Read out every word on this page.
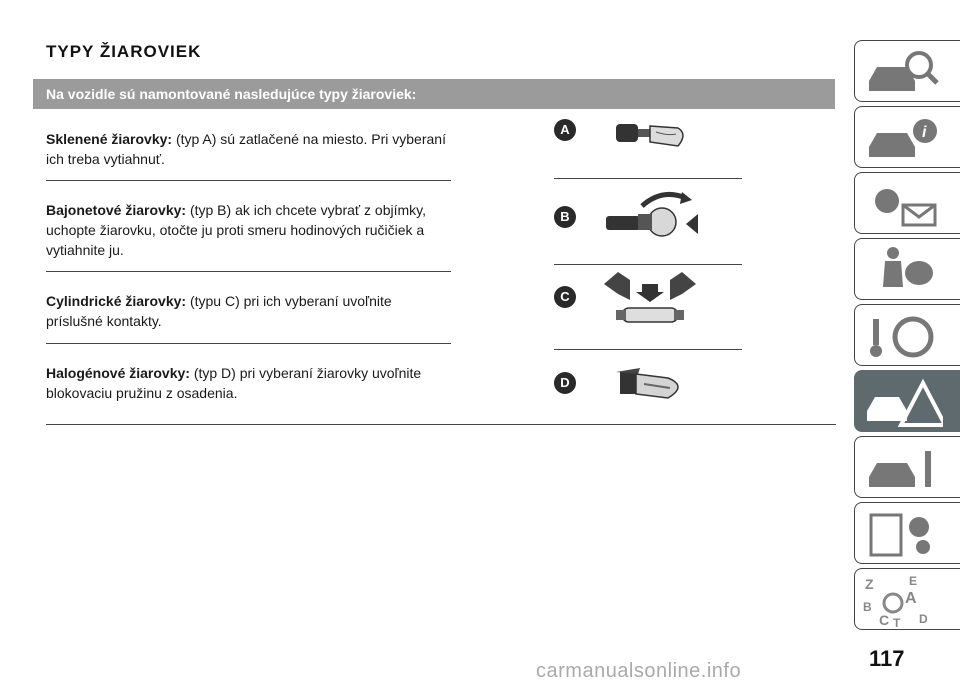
TYPY ŽIAROVIEK
Na vozidle sú namontované nasledujúce typy žiaroviek:
Sklenené žiarovky: (typ A) sú zatlačené na miesto. Pri vyberaní ich treba vytiahnuť.
Bajonetové žiarovky: (typ B) ak ich chcete vybrať z objímky, uchopte žiarovku, otočte ju proti smeru hodinových ručičiek a vytiahnite ju.
Cylindrické žiarovky: (typu C) pri ich vyberaní uvoľnite príslušné kontakty.
Halogénové žiarovky: (typ D) pri vyberaní žiarovky uvoľnite blokovaciu pružinu z osadenia.
A
B
C
D
i
Z	E
A
B
C D
T
117
carmanualsonline.info
